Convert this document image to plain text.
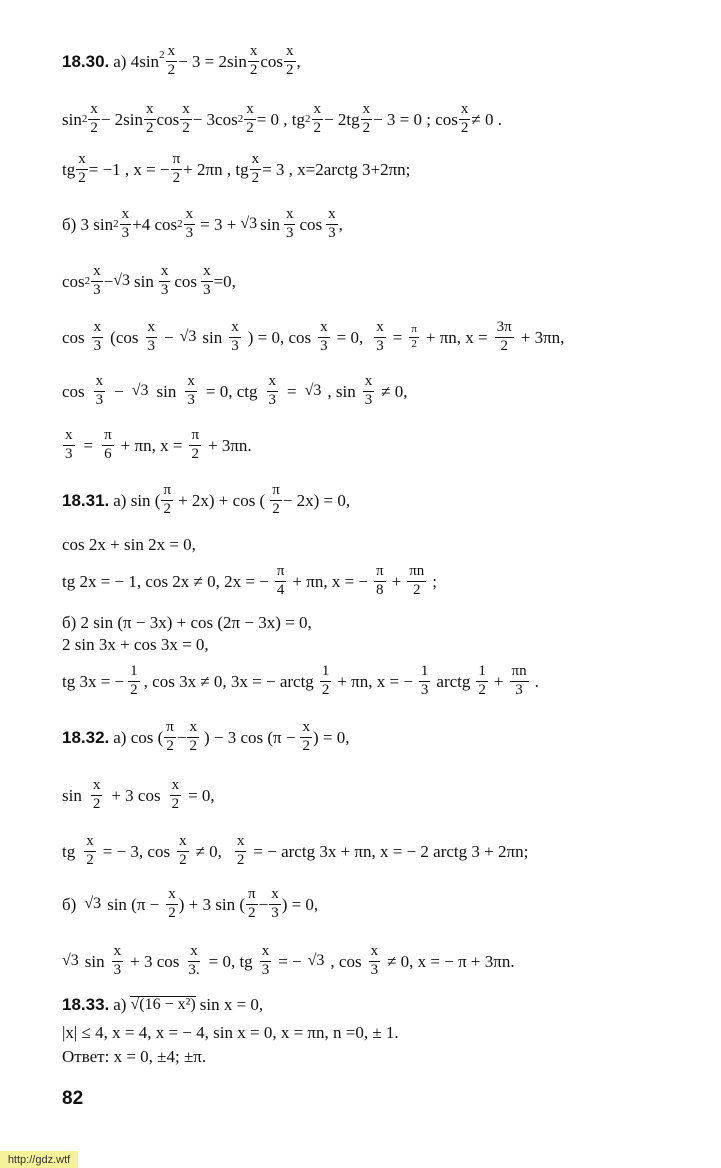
18.30. а) $4\sin^2 \frac{x}{2} - 3 = 2\sin \frac{x}{2}$ $\cos \frac{x}{2}$ ,
$\sin 2 \frac{x}{2} - 2\sin \frac{x}{2}$ $\cos \frac{x}{2} - 3\cos$ $2 \frac{x}{2} = 0$ , tg $2 \frac{x}{2} - 2tg \frac{x}{2} - 3 = 0$ ; $\cos \frac{x}{2} \ne 0$ .
tg $\frac{x}{2} = -1$ , x = − $\frac{\pi}{2} + 2\pi n$ , tg $\frac{x}{2} = 3$ , x=2arctg 3+2πn;
б) 3 $\sin 2 \frac{x}{3} +4$ $\cos 2 \frac{x}{3} = 3 + √3$ $\sin \frac{x}{3}$ $\cos \frac{x}{3}$ ,
$\cos 2 \frac{x}{3} - √3$ $\sin \frac{x}{3}$ $\cos \frac{x}{3} =0$,
$\cos \frac{x}{3} (\cos \frac{x}{3} - √3$ $\sin \frac{x}{3}$ ) = 0, $\cos \frac{x}{3} = 0$, $\frac{x}{3} = \frac{\pi}{2} + \pi n$, $x = \frac{3\pi}{2} + 3\pi n$,
$\cos \frac{x}{3} - √3$ $\sin \frac{x}{3} = 0$, ctg $\frac{x}{3} = √3$ , $\sin \frac{x}{3} \ne 0$,
$\frac{x}{3} = \frac{\pi}{6} + \pi n$, $x = \frac{\pi}{2} + 3\pi n$.
18.31. а) sin ( $\frac{\pi}{2} + 2x) + \cos$ ( $\frac{\pi}{2} - 2x) = 0$,
cos 2x + sin 2x = 0,
tg 2x = − 1, cos 2x ≠ 0, 2x = − $\frac{\pi}{4} + \pi n$, x = − $\frac{\pi}{8} + \frac{\pi n}{2}$ ;
б) 2 sin (π − 3x) + cos (2π − 3x) = 0,
2 sin 3x + cos 3x = 0,
tg 3x = − $\frac{1}{2}$ , cos 3x ≠ 0, 3x = − arctg $\frac{1}{2} + \pi n$, x = − $\frac{1}{3}$ arctg $\frac{1}{2} + \frac{\pi n}{3}$ .
18.32. а) cos ( $\frac{\pi}{2} - \frac{x}{2}$ ) − 3 $\cos (\pi - \frac{x}{2}$ ) = 0,
$\sin \frac{x}{2} + 3$ $\cos \frac{x}{2} = 0$,
tg $\frac{x}{2}$ = − 3, $\cos \frac{x}{2} \ne 0$, $\frac{x}{2}$ = − arctg 3x + πn, x = − 2 arctg 3 + 2πn;
б) √3 $\sin (\pi - \frac{x}{2}$ ) + 3 sin ( $\frac{\pi}{2} - \frac{x}{3}$ ) = 0,
√3 $\sin \frac{x}{3} + 3$ $\cos \frac{x}{3.} = 0$, tg $\frac{x}{3}$ = − √3 , $\cos \frac{x}{3} \ne 0$, x = − π + 3πn.
18.33. а) √(16 − x²) sin x = 0,
|x| ≤ 4, x = 4, x = − 4, sin x = 0, x = πn, n =0, ± 1.
Ответ: x = 0, ±4; ±π.
82
http://gdz.wtf
